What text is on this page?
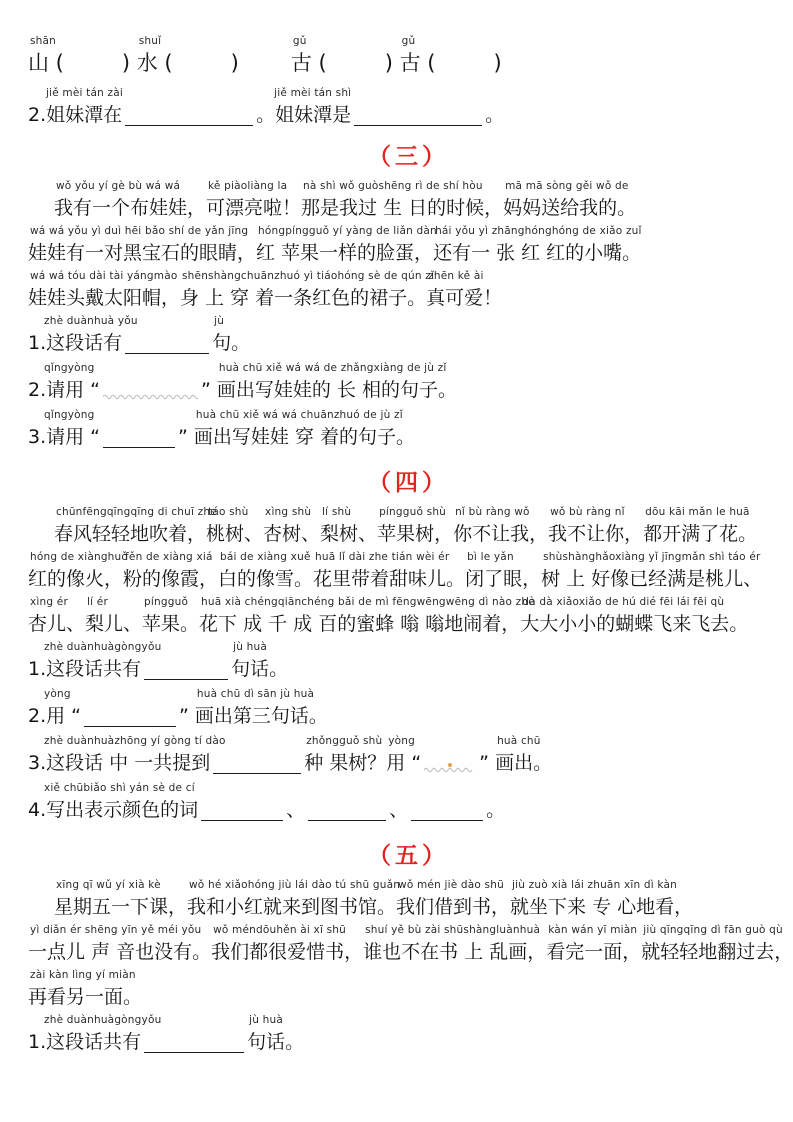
shān
山 (	)
shuǐ
水 (	)
gǔ
古 (	)
gǔ
古 (	)
jiě mèi tán zài
2.姐妹潭在
jiě mèi tán shì
。姐妹潭是	。
（三）
wǒ yǒu yí gè bù wá wá
我有一个布娃娃，
kě piàoliàng la
可漂亮啦！
nà shì wǒ guòshēng rì de shí hòu
那是我过 生 日的时候，
mā mā sòng gěi wǒ de
妈妈送给我的。
wá wá yǒu yì duì hēi bǎo shí de yǎn jīng
娃娃有一对黑宝石的眼睛，
hóngpíngguǒ yí yàng de liǎn dàn
红 苹果一样的脸蛋，
hái yǒu yì zhānghónghóng de xiǎo zuǐ
还有一 张 红 红的小嘴。
wá wá tóu dài tài yángmào
娃娃头戴太阳帽，
shēnshàngchuānzhuó yì tiáohóng sè de qún zǐ
身 上 穿 着一条红色的裙子。
zhēn kě ài
真可爱！
zhè duànhuà yǒu
1.这段话有
jù
句。
qǐngyòng
2.请用 “	”
huà chū xiě wá wá de zhǎngxiàng de jù zǐ
画出写娃娃的 长 相的句子。
qǐngyòng
3.请用 “	”
huà chū xiě wá wá chuānzhuó de jù zǐ
画出写娃娃 穿 着的句子。
（四）
chūnfēngqīngqīng di chuī zhe
春风轻轻地吹着，
táo shù
桃树、
xìng shù
杏树、
lí shù
梨树、
píngguǒ shù
苹果树，
nǐ bù ràng wǒ
你不让我，
wǒ bù ràng nǐ
我不让你，
dōu kāi mǎn le huā
都开满了花。
hóng de xiànghuǒ
红的像火，
fěn de xiàng xiá
粉的像霞，
bái de xiàng xuě
白的像雪。
huā lǐ dài zhe tián wèi ér
花里带着甜味儿。
bì le yǎn
闭了眼，
shùshànghǎoxiàng yǐ jīngmǎn shì táo ér
树 上 好像已经满是桃儿、
xìng ér
杏儿、
lí ér
梨儿、
píngguǒ
苹果。
huā xià chéngqiānchéng bǎi de mì fēngwēngwēng dì nào zhe
花下 成 千 成 百的蜜蜂 嗡 嗡地闹着，
dà dà xiǎoxiǎo de hú dié fēi lái fēi qù
大大小小的蝴蝶飞来飞去。
zhè duànhuàgòngyǒu
1.这段话共有
jù huà
句话。
yòng
2.用 “	”
huà chū dì sān jù huà
画出第三句话。
zhè duànhuàzhōng yí gòng tí dào
3.这段话 中 一共提到
zhǒngguǒ shù
种 果树？
yòng
用 “	”
huà chū
画出。
xiě chūbiǎo shì yán sè de cí
4.写出表示颜色的词	、	、	。
（五）
xīng qī wǔ yí xià kè
星期五一下课，
wǒ hé xiǎohóng jiù lái dào tú shū guǎn
我和小红就来到图书馆。
wǒ mén jiè dào shū
我们借到书，
jiù zuò xià lái zhuān xīn dì kàn
就坐下来 专 心地看，
yì diǎn ér shēng yīn yě méi yǒu
一点儿 声 音也没有。
wǒ méndōuhěn ài xī shū
我们都很爱惜书，
shuí yě bù zài shūshàngluànhuà
谁也不在书 上 乱画，
kàn wán yī miàn
看完一面，
jiù qīngqīng dì fān guò qù
就轻轻地翻过去，
zài kàn lìng yí miàn
再看另一面。
zhè duànhuàgòngyǒu
1.这段话共有
jù huà
句话。
